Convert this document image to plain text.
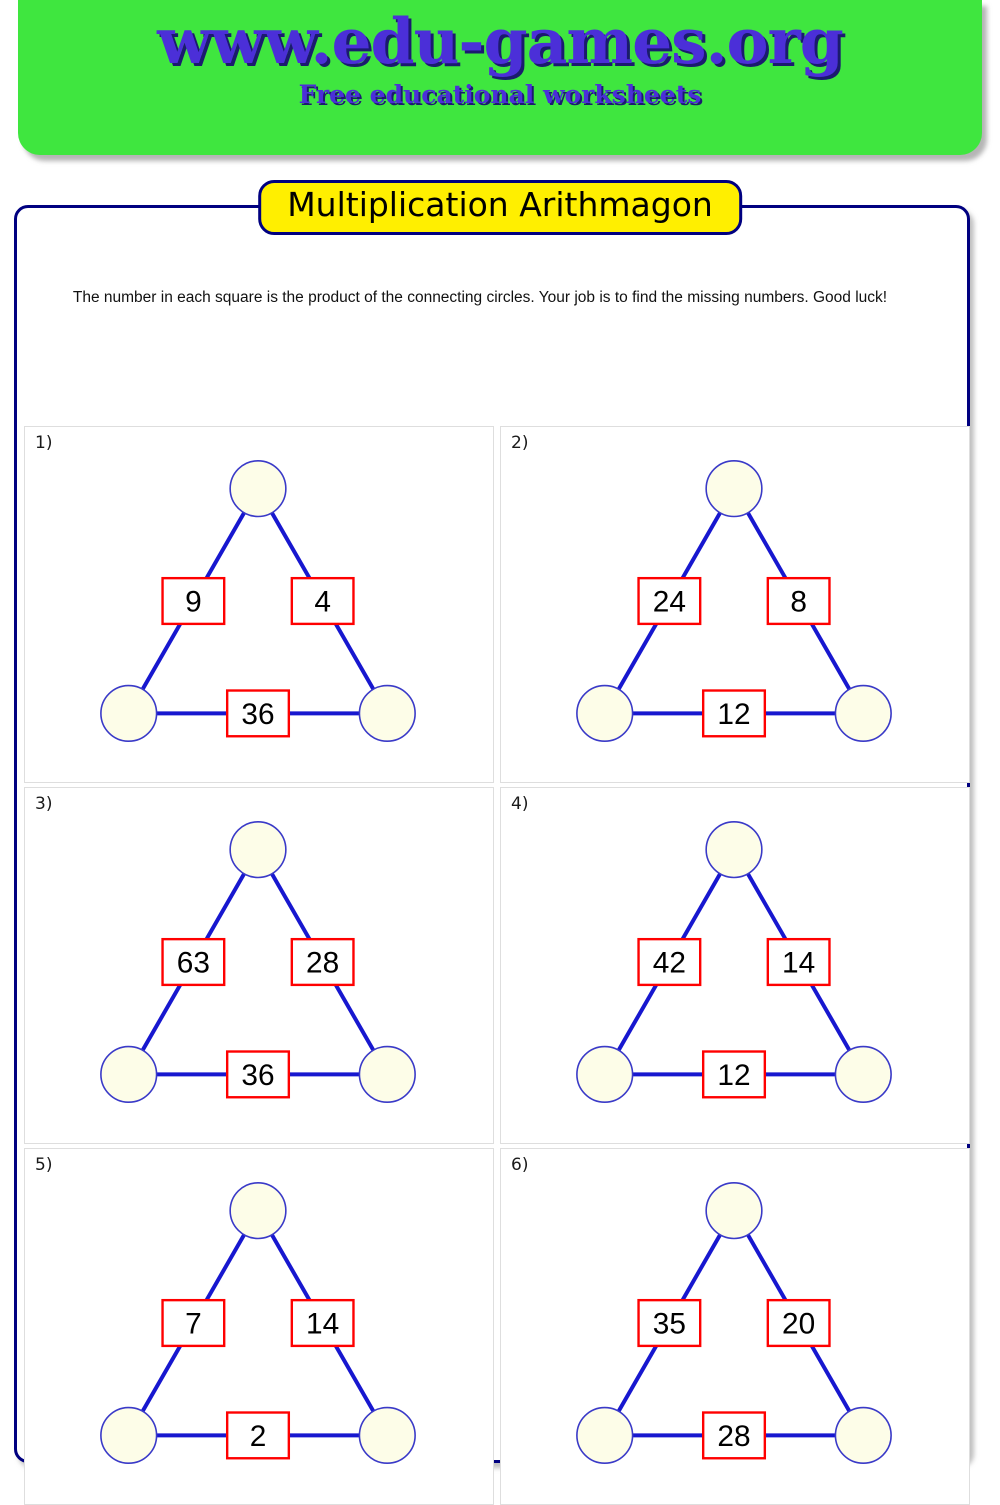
www.edu-games.org
Free educational worksheets
Multiplication Arithmagon
The number in each square is the product of the connecting circles. Your job is to find the missing numbers. Good luck!
1)
9	4
36
2)
24	8
12
3)
63	28
36
4)
42	14
12
5)
7	14
2
6)
35	20
28
